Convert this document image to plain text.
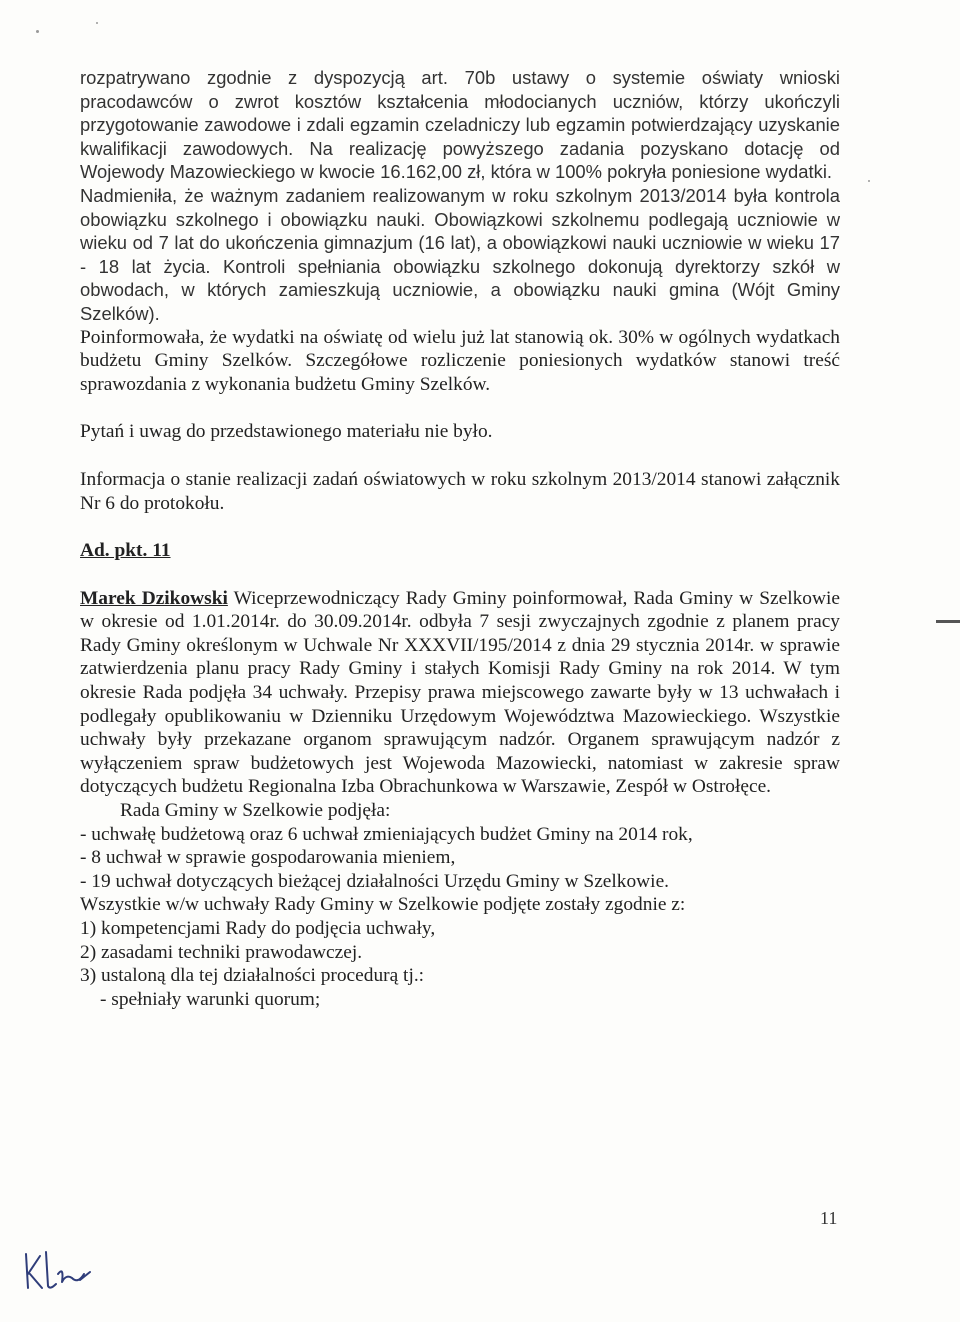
rozpatrywano zgodnie z dyspozycją art. 70b ustawy o systemie oświaty wnioski pracodawców o zwrot kosztów kształcenia młodocianych uczniów, którzy ukończyli przygotowanie zawodowe i zdali egzamin czeladniczy lub egzamin potwierdzający uzyskanie kwalifikacji zawodowych. Na realizację powyższego zadania pozyskano dotację od Wojewody Mazowieckiego w kwocie 16.162,00 zł, która w 100% pokryła poniesione wydatki.

Nadmieniła, że ważnym zadaniem realizowanym w roku szkolnym 2013/2014 była kontrola obowiązku szkolnego i obowiązku nauki. Obowiązkowi szkolnemu podlegają uczniowie w wieku od 7 lat do ukończenia gimnazjum (16 lat), a obowiązkowi nauki uczniowie w wieku 17 - 18 lat życia. Kontroli spełniania obowiązku szkolnego dokonują dyrektorzy szkół w obwodach, w których zamieszkują uczniowie, a obowiązku nauki gmina (Wójt Gminy Szelków).

Poinformowała, że wydatki na oświatę od wielu już lat stanowią ok. 30% w ogólnych wydatkach budżetu Gminy Szelków. Szczegółowe rozliczenie poniesionych wydatków stanowi treść sprawozdania z wykonania budżetu Gminy Szelków.

Pytań i uwag do przedstawionego materiału nie było.

Informacja o stanie realizacji zadań oświatowych w roku szkolnym 2013/2014 stanowi załącznik Nr 6 do protokołu.

Ad. pkt. 11

Marek Dzikowski Wiceprzewodniczący Rady Gminy poinformował, Rada Gminy w Szelkowie w okresie od 1.01.2014r. do 30.09.2014r. odbyła 7 sesji zwyczajnych zgodnie z planem pracy Rady Gminy określonym w Uchwale Nr XXXVII/195/2014 z dnia 29 stycznia 2014r. w sprawie zatwierdzenia planu pracy Rady Gminy i stałych Komisji Rady Gminy na rok 2014. W tym okresie Rada podjęła 34 uchwały. Przepisy prawa miejscowego zawarte były w 13 uchwałach i podlegały opublikowaniu w Dzienniku Urzędowym Województwa Mazowieckiego. Wszystkie uchwały były przekazane organom sprawującym nadzór. Organem sprawującym nadzór z wyłączeniem spraw budżetowych jest Wojewoda Mazowiecki, natomiast w zakresie spraw dotyczących budżetu Regionalna Izba Obrachunkowa w Warszawie, Zespół w Ostrołęce.

Rada Gminy w Szelkowie podjęła:

- uchwałę budżetową oraz 6 uchwał zmieniających budżet Gminy na 2014 rok,
- 8 uchwał w sprawie gospodarowania mieniem,
- 19 uchwał dotyczących bieżącej działalności Urzędu Gminy w Szelkowie.

Wszystkie w/w uchwały Rady Gminy w Szelkowie podjęte zostały zgodnie z:

1) kompetencjami Rady do podjęcia uchwały,
2) zasadami techniki prawodawczej.
3) ustaloną dla tej działalności procedurą tj.:
- spełniały warunki quorum;
11
